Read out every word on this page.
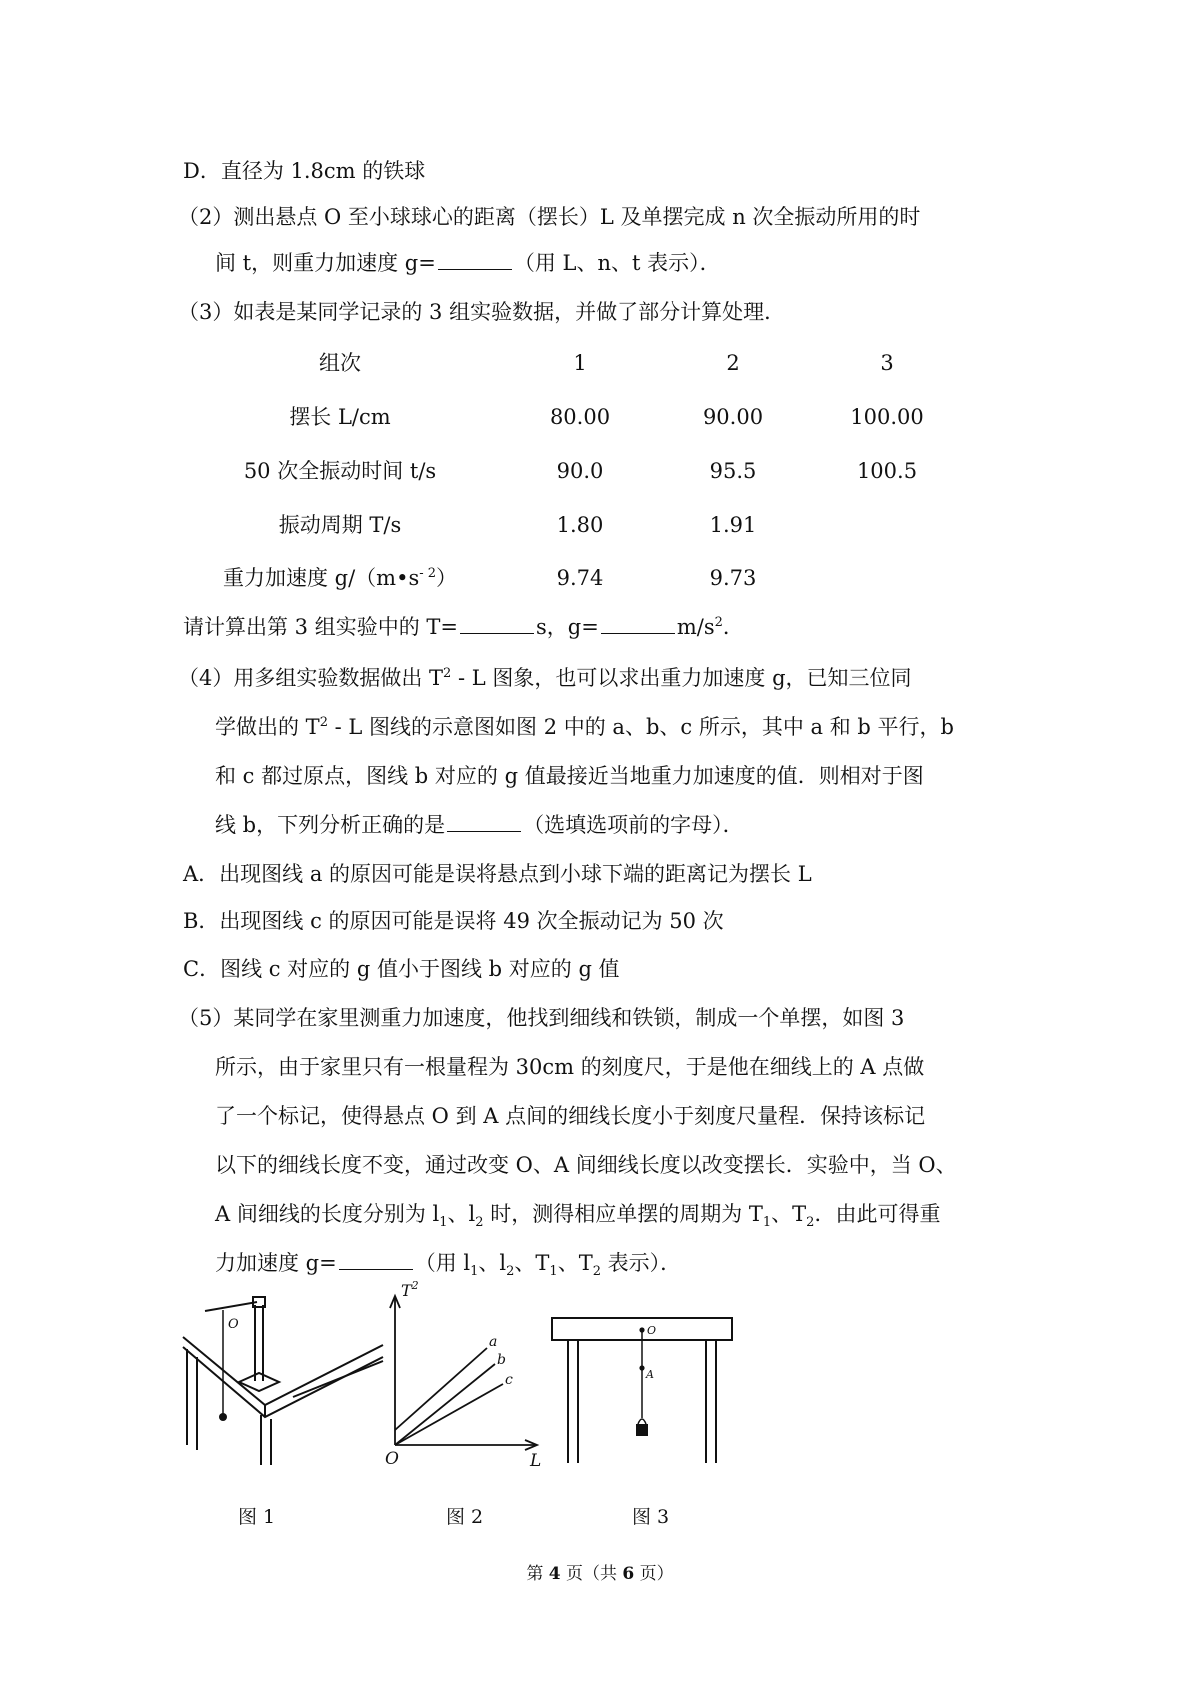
D．直径为 1.8cm 的铁球
（2）测出悬点 O 至小球球心的距离（摆长）L 及单摆完成 n 次全振动所用的时
间 t，则重力加速度 g=	（用 L、n、t 表示）．
（3）如表是某同学记录的 3 组实验数据，并做了部分计算处理．
组次	1	2	3
摆长 L/cm	80.00	90.00	100.00
50 次全振动时间 t/s	90.0	95.5	100.5
振动周期 T/s	1.80	1.91
重力加速度 $g/(m•s^{- 2})$	9.74	9.73
请计算出第 3 组实验中的 T=	s，g=	$m/s^2$．
（4）用多组实验数据做出 $T^2$ - L 图象，也可以求出重力加速度 g，已知三位同
学做出的 $T^2$ - L 图线的示意图如图 2 中的 a、b、c 所示，其中 a 和 b 平行，b
和 c 都过原点，图线 b 对应的 g 值最接近当地重力加速度的值．则相对于图
线 b，下列分析正确的是	（选填选项前的字母）．
A．出现图线 a 的原因可能是误将悬点到小球下端的距离记为摆长 L
B．出现图线 c 的原因可能是误将 49 次全振动记为 50 次
C．图线 c 对应的 g 值小于图线 b 对应的 g 值
（5）某同学在家里测重力加速度，他找到细线和铁锁，制成一个单摆，如图 3
所示，由于家里只有一根量程为 30cm 的刻度尺，于是他在细线上的 A 点做
了一个标记，使得悬点 O 到 A 点间的细线长度小于刻度尺量程．保持该标记
以下的细线长度不变，通过改变 O、A 间细线长度以改变摆长．实验中，当 O、
A 间细线的长度分别为 $l_1$、$l_2$ 时，测得相应单摆的周期为 $T_1$、$T_2$．由此可得重
力加速度 g=	（用 $l_1$、$l_2$、$T_1$、$T_2$ 表示）．
O
$T^2$
L
O
a
b
c
O
A
图 1	图 2	图 3
第 4 页（共 6 页）
